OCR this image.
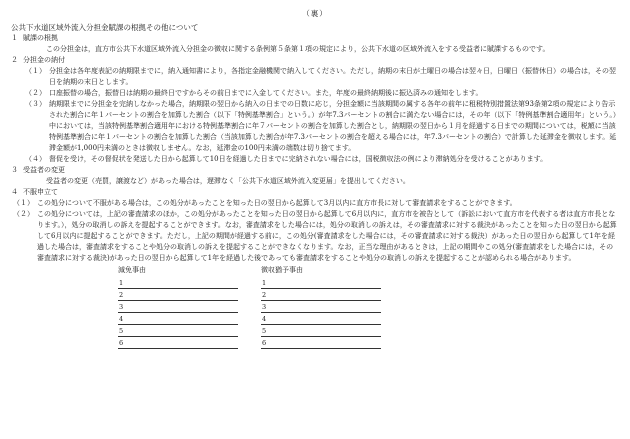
（裏）
公共下水道区域外流入分担金賦課の根拠その他について
１ 賦課の根拠

この分担金は，直方市公共下水道区域外流入分担金の徴収に関する条例第５条第１項の規定により，公共下水道の区域外流入をする受益者に賦課するものです。

２ 分担金の納付

（１） 分担金は各年度表記の納期限までに，納入通知書により，各指定金融機関で納入してください。ただし，納期の末日が土曜日の場合は翌々日，日曜日（振替休日）の場合は，その翌日を納期の末日とします。

（２） 口座振替の場合，振替日は納期の最終日ですからその前日までに入金してください。また，年度の最終納期後に振込済みの通知をします。

（３） 納期限までに分担金を完納しなかった場合，納期限の翌日から納入の日までの日数に応じ，分担金額に当該期間の属する各年の前年に租税特別措置法第93条第2項の規定により告示された割合に年１パーセントの割合を加算した割合（以下「特例基準割合」という。）が年7.3パーセントの割合に満たない場合には，その年（以下「特例基準割合適用年」という。）中においては，当該特例基準割合適用年における特例基準割合に年７パーセントの割合を加算した割合とし，納期限の翌日から１月を経過する日までの期間については，税額に当該特例基準割合に年１パーセントの割合を加算した割合（当該加算した割合が年7.3パーセントの割合を超える場合には，年7.3パーセントの割合）で計算した延滞金を徴収します。延滞金額が1,000円未満のときは徴収しません。なお，延滞金の100円未満の端数は切り捨てます。

（４） 督促を受け，その督促状を発送した日から起算して10日を経過した日までに完納されない場合には，国税徴収法の例により滞納処分を受けることがあります。

３ 受益者の変更

受益者の変更（売買，譲渡など）があった場合は，遅滞なく「公共下水道区域外流入変更届」を提出してください。

４ 不服申立て

（１） この処分について不服がある場合は，この処分があったことを知った日の翌日から起算して3月以内に直方市長に対して審査請求をすることができます。

（２） この処分については，上記の審査請求のほか，この処分があったことを知った日の翌日から起算して6月以内に，直方市を被告として（訴訟において直方市を代表する者は直方市長となります。），処分の取消しの訴えを提起することができます。なお，審査請求をした場合には，処分の取消しの訴えは，その審査請求に対する裁決があったことを知った日の翌日から起算して6月以内に提起することができます。ただし，上記の期間が経過する前に，この処分(審査請求をした場合には，その審査請求に対する裁決）があった日の翌日から起算して1年を経過した場合は，審査請求をすることや処分の取消しの訴えを提起することができなくなります。なお，正当な理由があるときは，上記の期間やこの処分(審査請求をした場合には，その審査請求に対する裁決)があった日の翌日から起算して1年を経過した後であっても審査請求をすることや処分の取消しの訴えを提起することが認められる場合があります。

減免事由
1
2
3
4
5
6
徴収猶予事由
1
2
3
4
5
6
